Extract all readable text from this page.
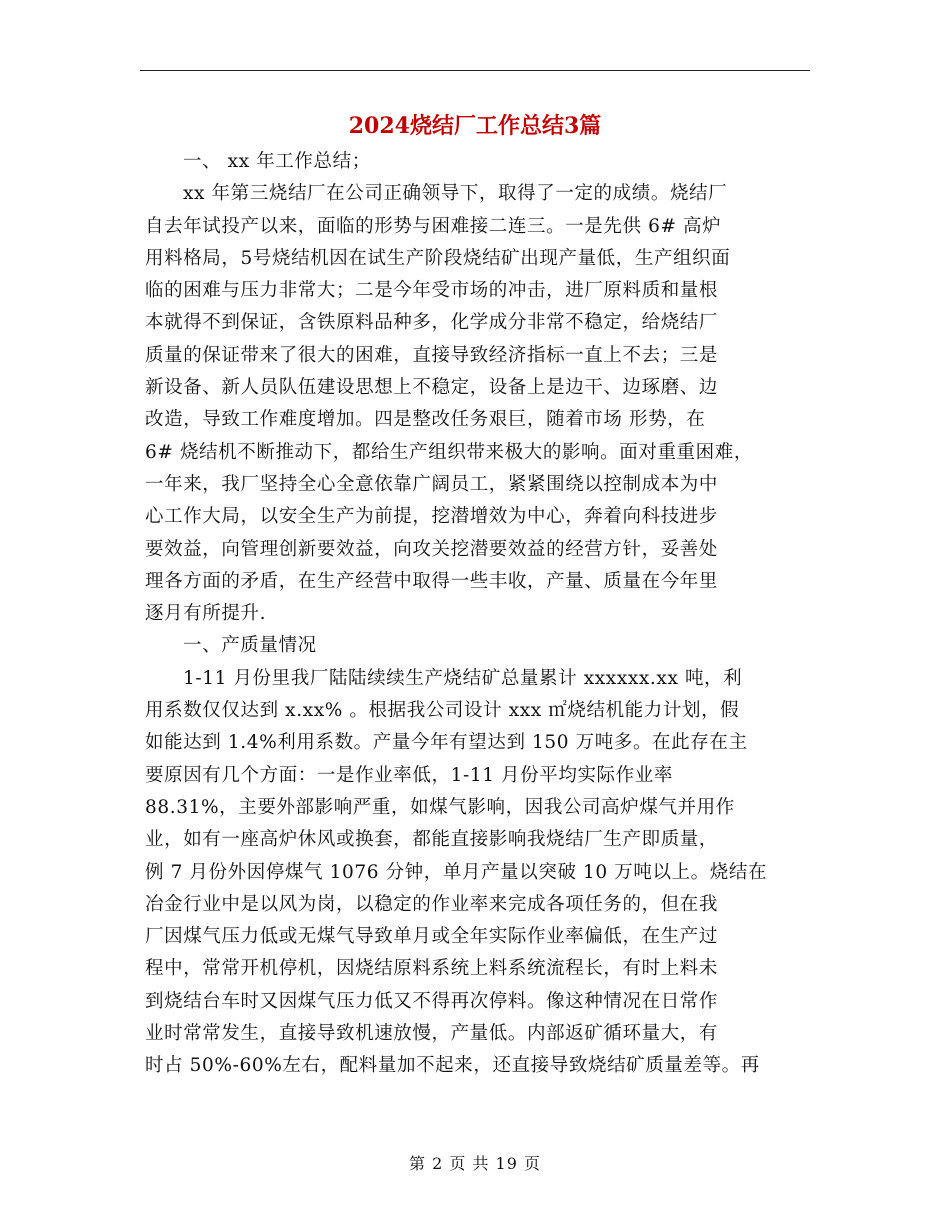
2024烧结厂工作总结3篇
一、 xx 年工作总结；
xx 年第三烧结厂在公司正确领导下，取得了一定的成绩。烧结厂
自去年试投产以来，面临的形势与困难接二连三。一是先供 6# 高炉
用料格局，5号烧结机因在试生产阶段烧结矿出现产量低，生产组织面
临的困难与压力非常大；二是今年受市场的冲击，进厂原料质和量根
本就得不到保证，含铁原料品种多，化学成分非常不稳定，给烧结厂
质量的保证带来了很大的困难，直接导致经济指标一直上不去；三是
新设备、新人员队伍建设思想上不稳定，设备上是边干、边琢磨、边
改造，导致工作难度增加。四是整改任务艰巨，随着市场 形势，在
6# 烧结机不断推动下，都给生产组织带来极大的影响。面对重重困难，
一年来，我厂坚持全心全意依靠广阔员工，紧紧围绕以控制成本为中
心工作大局，以安全生产为前提，挖潜增效为中心，奔着向科技进步
要效益，向管理创新要效益，向攻关挖潜要效益的经营方针，妥善处
理各方面的矛盾，在生产经营中取得一些丰收，产量、质量在今年里
逐月有所提升.
一、产质量情况
1-11 月份里我厂陆陆续续生产烧结矿总量累计 xxxxxx.xx 吨，利
用系数仅仅达到 x.xx% 。根据我公司设计 xxx ㎡烧结机能力计划，假
如能达到 1.4%利用系数。产量今年有望达到 150 万吨多。在此存在主
要原因有几个方面：一是作业率低，1-11 月份平均实际作业率
88.31%，主要外部影响严重，如煤气影响，因我公司高炉煤气并用作
业，如有一座高炉休风或换套，都能直接影响我烧结厂生产即质量，
例 7 月份外因停煤气 1076 分钟，单月产量以突破 10 万吨以上。烧结在
冶金行业中是以风为岗，以稳定的作业率来完成各项任务的，但在我
厂因煤气压力低或无煤气导致单月或全年实际作业率偏低，在生产过
程中，常常开机停机，因烧结原料系统上料系统流程长，有时上料未
到烧结台车时又因煤气压力低又不得再次停料。像这种情况在日常作
业时常常发生，直接导致机速放慢，产量低。内部返矿循环量大，有
时占 50%-60%左右，配料量加不起来，还直接导致烧结矿质量差等。再
第 2 页 共 19 页
